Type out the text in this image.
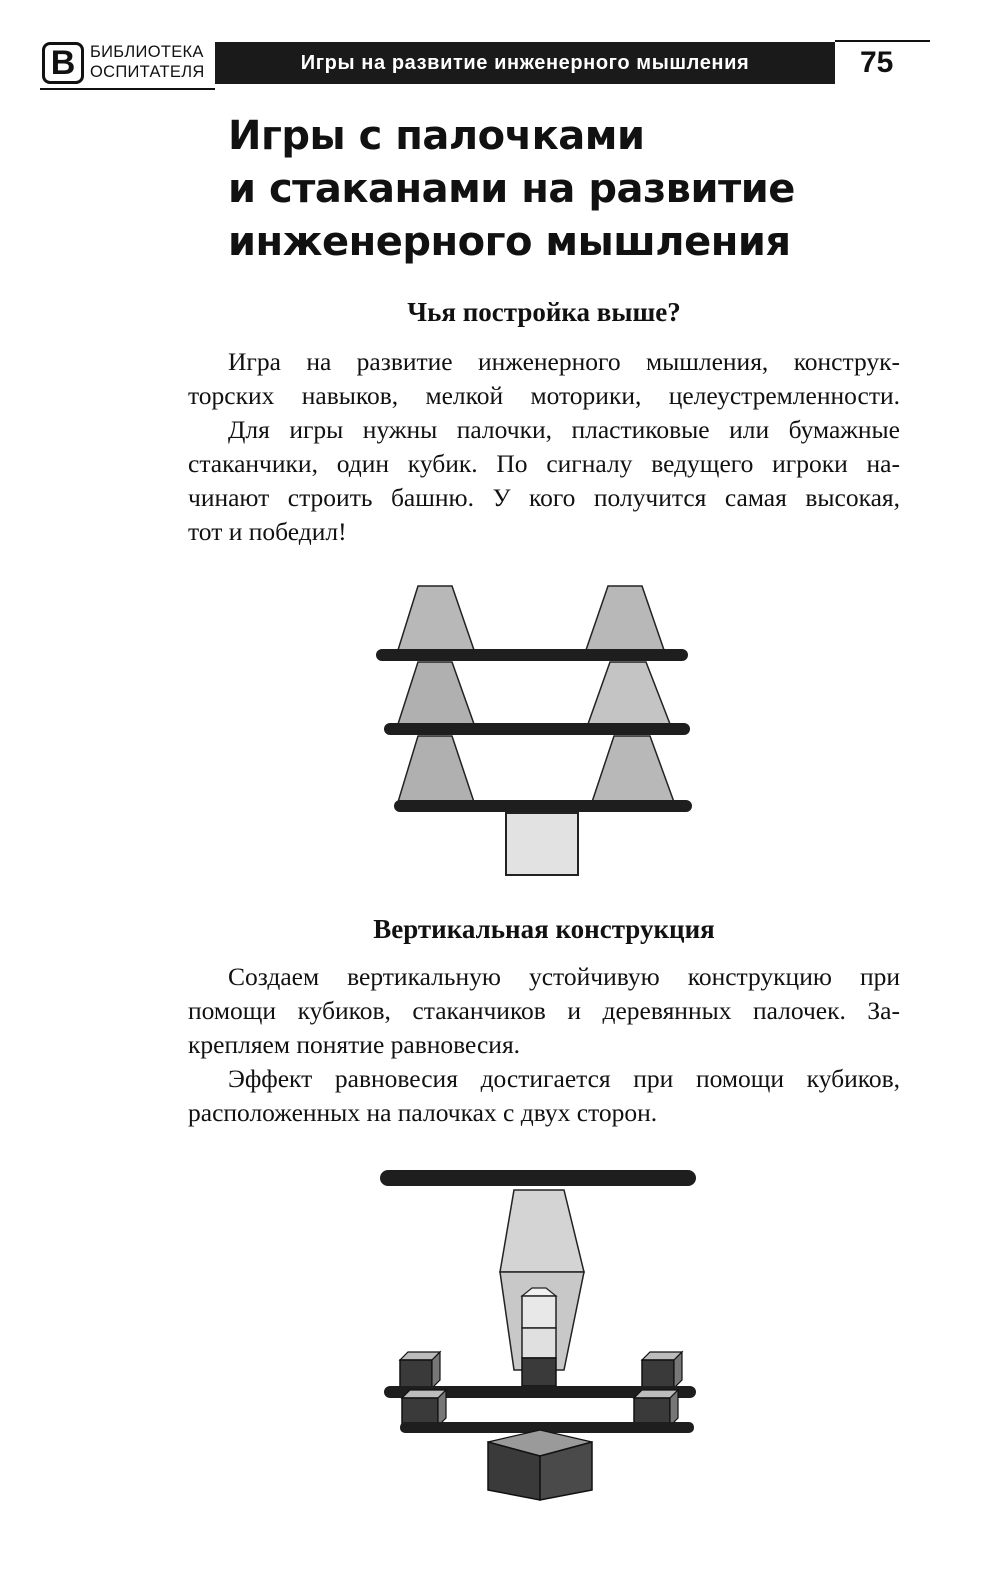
В БИБЛИОТЕКА
ОСПИТАТЕЛЯ	Игры на развитие инженерного мышления	75
Игры с палочками
и стаканами на развитие
инженерного мышления
Чья постройка выше?
Игра на развитие инженерного мышления, конструк-
торских навыков, мелкой моторики, целеустремленности.
Для игры нужны палочки, пластиковые или бумажные
стаканчики, один кубик. По сигналу ведущего игроки на-
чинают строить башню. У кого получится самая высокая,
тот и победил!
Вертикальная конструкция
Создаем вертикальную устойчивую конструкцию при
помощи кубиков, стаканчиков и деревянных палочек. За-
крепляем понятие равновесия.
Эффект равновесия достигается при помощи кубиков,
расположенных на палочках с двух сторон.
